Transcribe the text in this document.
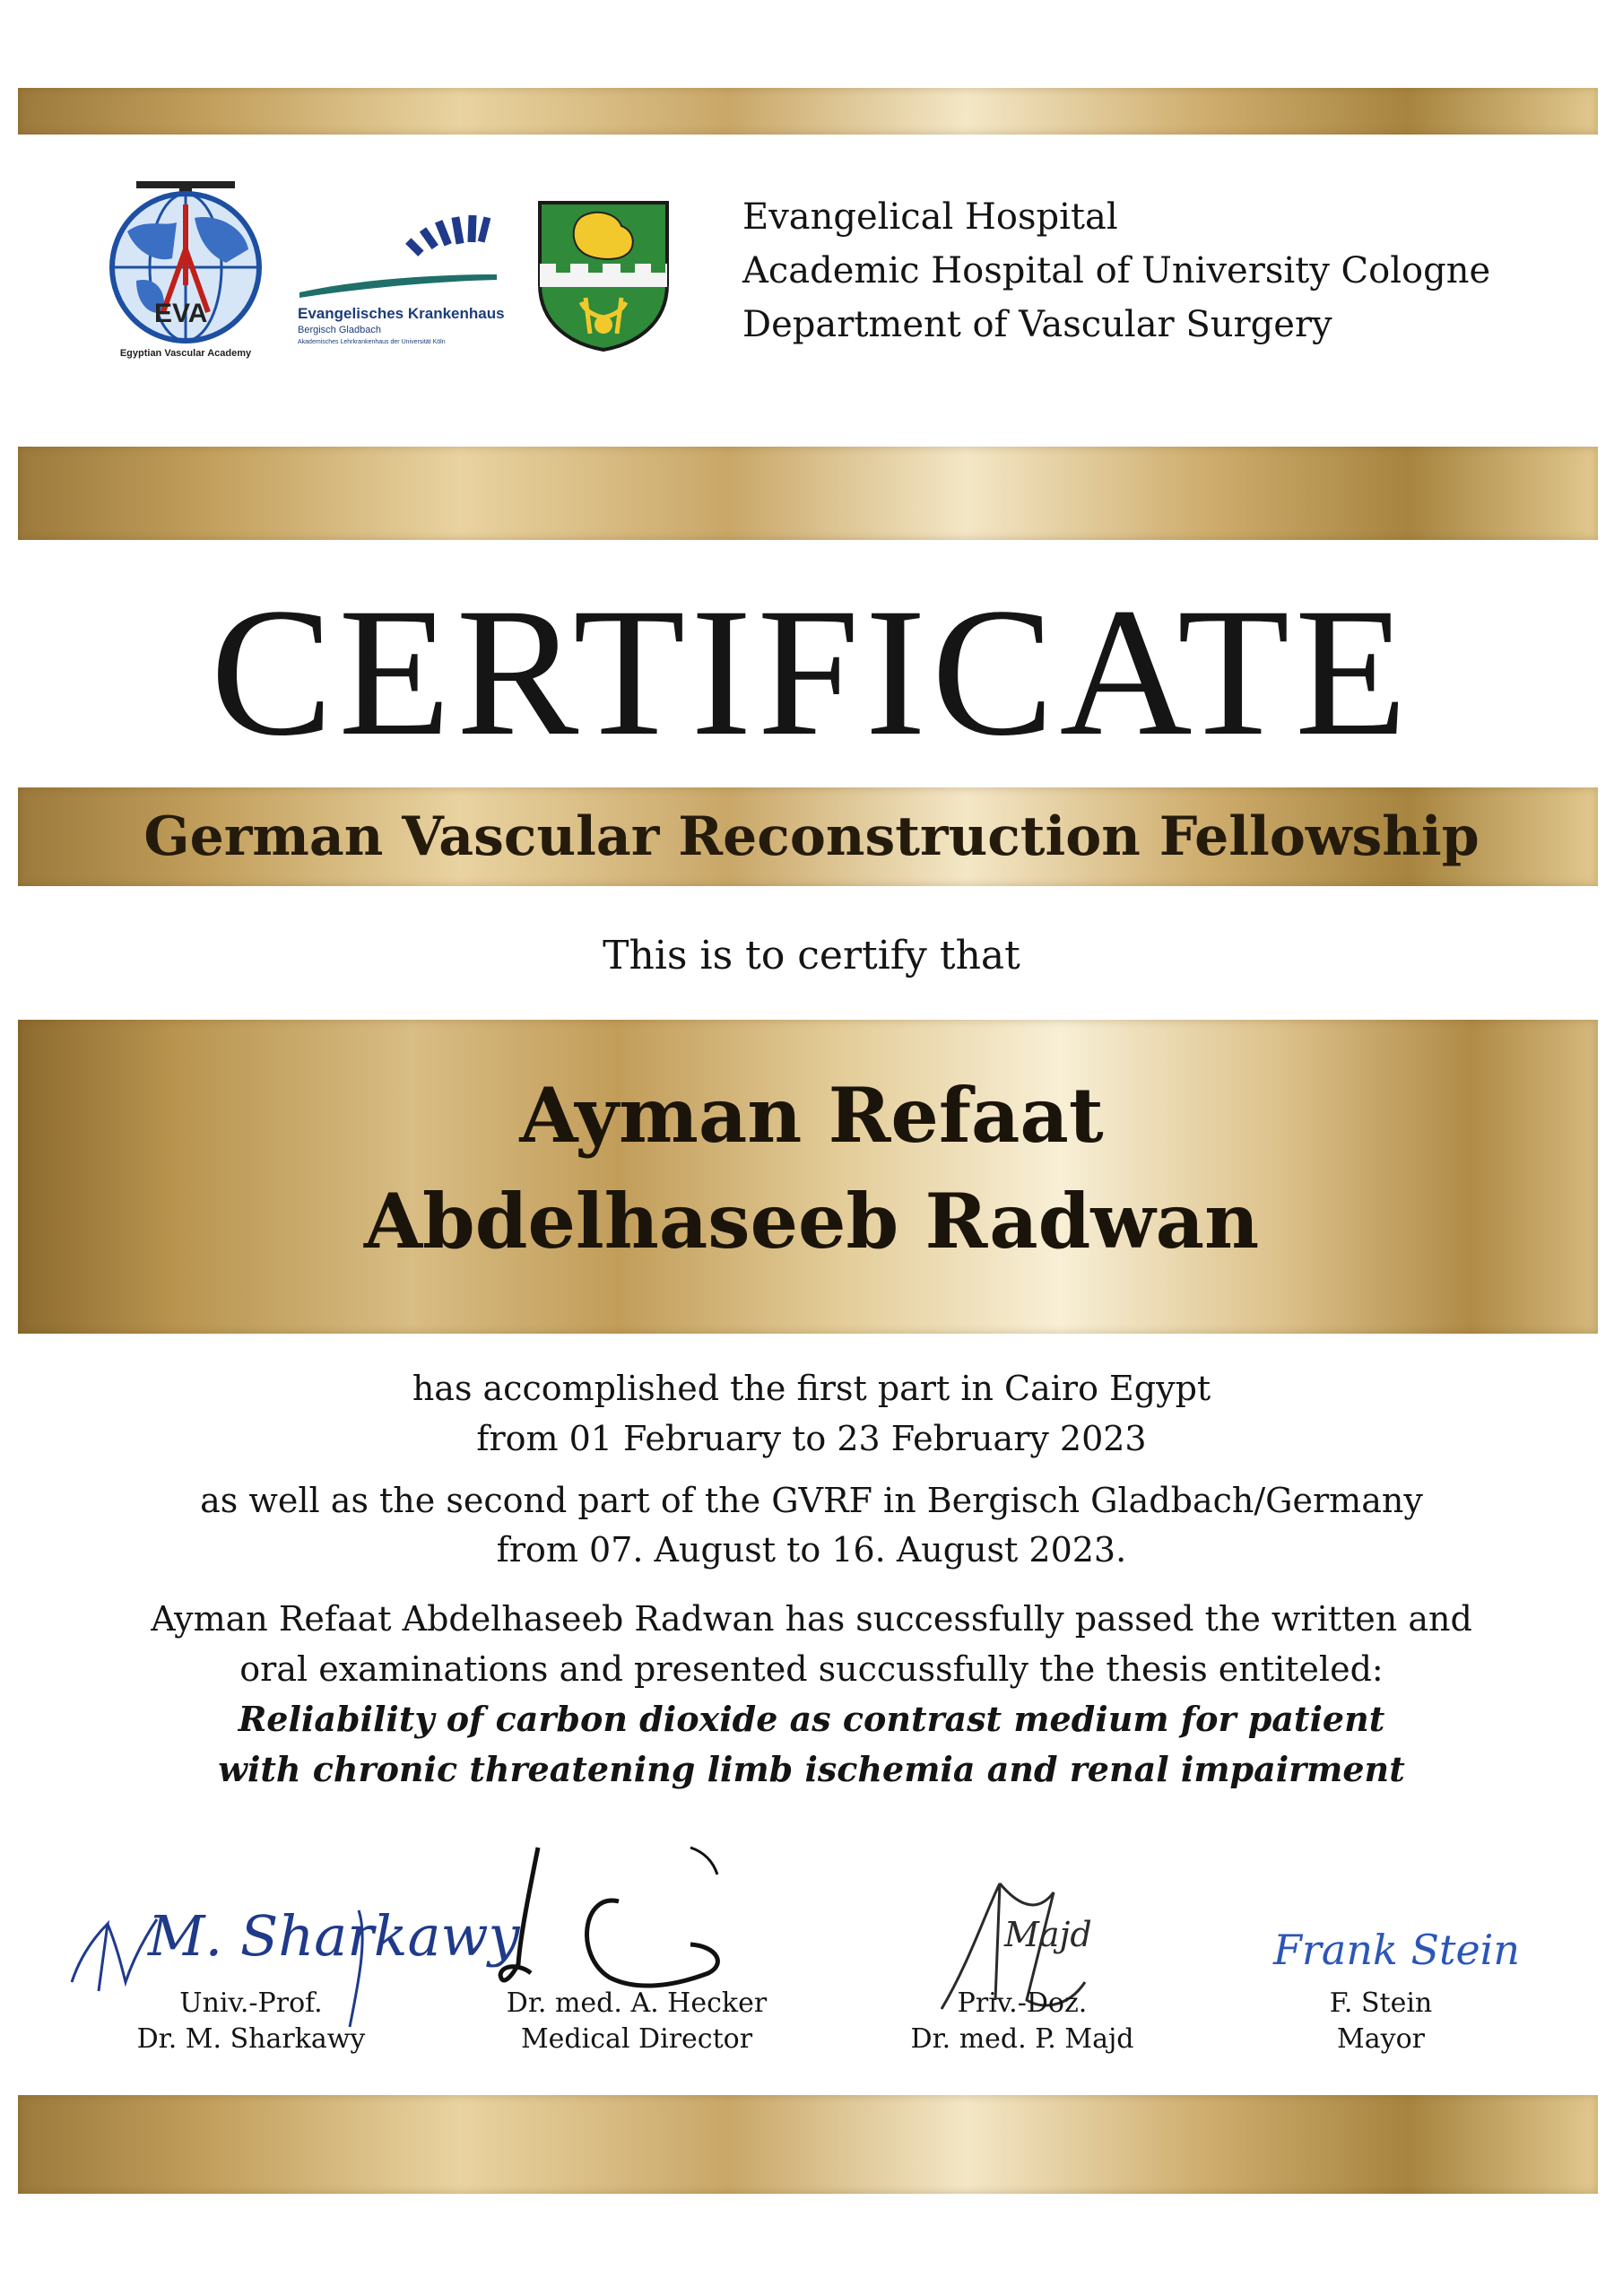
EVA
Egyptian Vascular Academy
Evangelisches Krankenhaus
Bergisch Gladbach
Akademisches Lehrkrankenhaus der Universität Köln
Evangelical Hospital
Academic Hospital of University Cologne
Department of Vascular Surgery
CERTIFICATE
German Vascular Reconstruction Fellowship
This is to certify that
Ayman Refaat
Abdelhaseeb Radwan
has accomplished the first part in Cairo Egypt
from 01 February to 23 February 2023
as well as the second part of the GVRF in Bergisch Gladbach/Germany
from 07. August to 16. August 2023.
Ayman Refaat Abdelhaseeb Radwan has successfully passed the written and
oral examinations and presented succussfully the thesis entiteled:
Reliability of carbon dioxide as contrast medium for patient
with chronic threatening limb ischemia and renal impairment
M. Sharkawy	Majd	Frank Stein
Univ.-Prof.
Dr. M. Sharkawy
Dr. med. A. Hecker
Medical Director
Priv.-Doz.
Dr. med. P. Majd
F. Stein
Mayor
